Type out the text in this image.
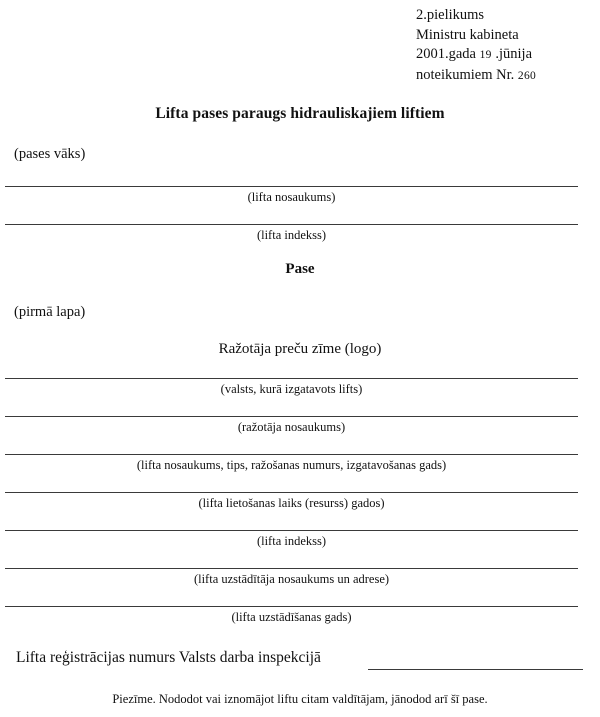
2.pielikums
Ministru kabineta
2001.gada 19 .jūnija
noteikumiem Nr. 260
Lifta pases paraugs hidrauliskajiem liftiem
(pases vāks)
(lifta nosaukums)
(lifta indekss)
Pase
(pirmā lapa)
Ražotāja preču zīme (logo)
(valsts, kurā izgatavots lifts)
(ražotāja nosaukums)
(lifta nosaukums, tips, ražošanas numurs, izgatavošanas gads)
(lifta lietošanas laiks (resurss) gados)
(lifta indekss)
(lifta uzstādītāja nosaukums un adrese)
(lifta uzstādīšanas gads)
Lifta reģistrācijas numurs Valsts darba inspekcijā
Piezīme. Nododot vai iznomājot liftu citam valdītājam, jānodod arī šī pase.
